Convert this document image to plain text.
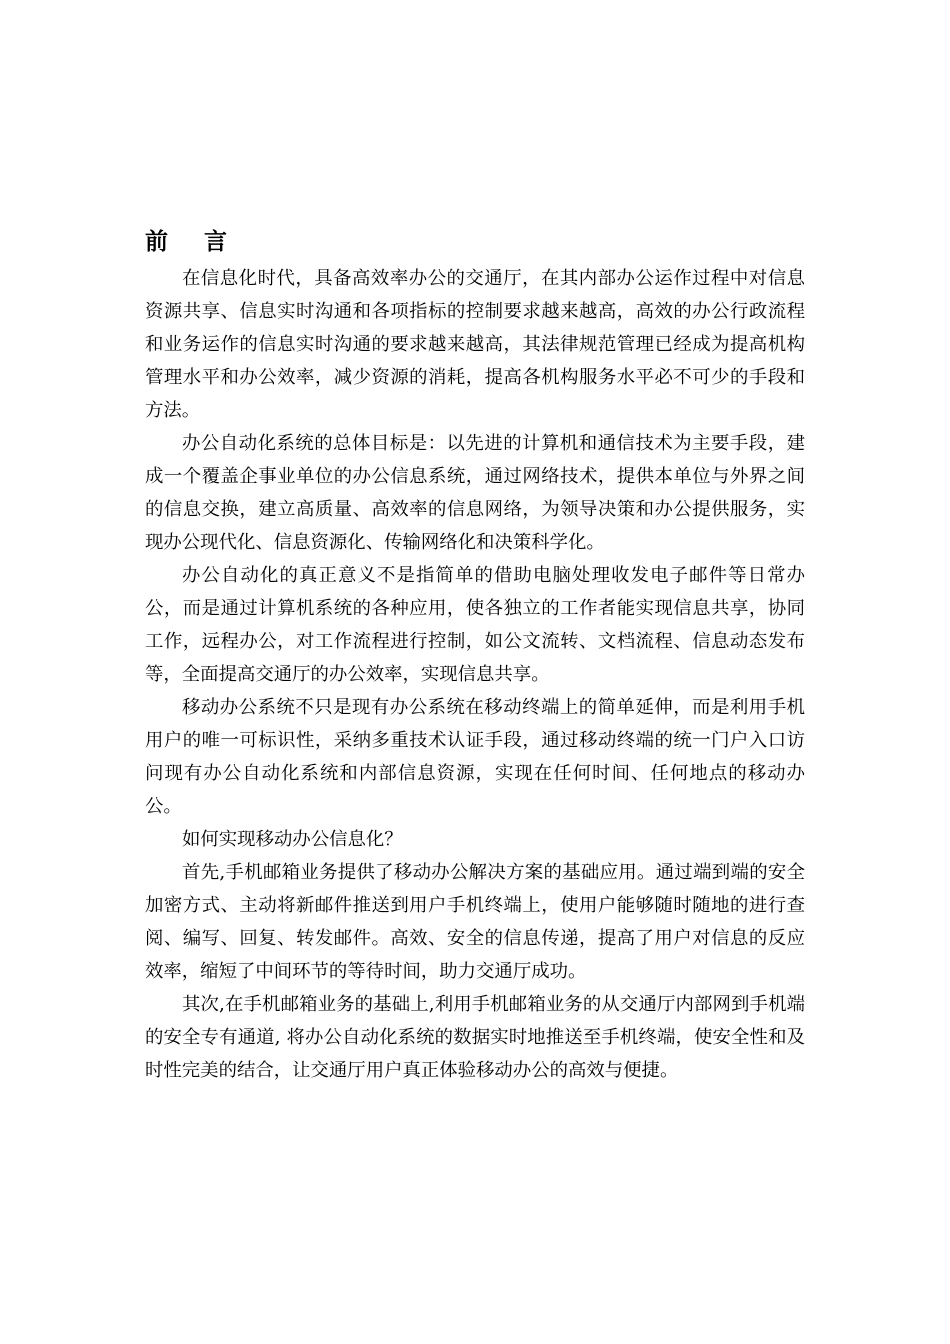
前 言

在信息化时代，具备高效率办公的交通厅，在其内部办公运作过程中对信息资源共享、信息实时沟通和各项指标的控制要求越来越高，高效的办公行政流程和业务运作的信息实时沟通的要求越来越高，其法律规范管理已经成为提高机构管理水平和办公效率，减少资源的消耗，提高各机构服务水平必不可少的手段和方法。

办公自动化系统的总体目标是：以先进的计算机和通信技术为主要手段，建成一个覆盖企事业单位的办公信息系统，通过网络技术，提供本单位与外界之间的信息交换，建立高质量、高效率的信息网络，为领导决策和办公提供服务，实现办公现代化、信息资源化、传输网络化和决策科学化。

办公自动化的真正意义不是指简单的借助电脑处理收发电子邮件等日常办公，而是通过计算机系统的各种应用，使各独立的工作者能实现信息共享，协同工作，远程办公，对工作流程进行控制，如公文流转、文档流程、信息动态发布等，全面提高交通厅的办公效率，实现信息共享。

移动办公系统不只是现有办公系统在移动终端上的简单延伸，而是利用手机用户的唯一可标识性，采纳多重技术认证手段，通过移动终端的统一门户入口访问现有办公自动化系统和内部信息资源，实现在任何时间、任何地点的移动办公。

如何实现移动办公信息化？

首先,手机邮箱业务提供了移动办公解决方案的基础应用。通过端到端的安全加密方式、主动将新邮件推送到用户手机终端上，使用户能够随时随地的进行查阅、编写、回复、转发邮件。高效、安全的信息传递，提高了用户对信息的反应效率，缩短了中间环节的等待时间，助力交通厅成功。

其次,在手机邮箱业务的基础上,利用手机邮箱业务的从交通厅内部网到手机端的安全专有通道, 将办公自动化系统的数据实时地推送至手机终端，使安全性和及时性完美的结合，让交通厅用户真正体验移动办公的高效与便捷。
